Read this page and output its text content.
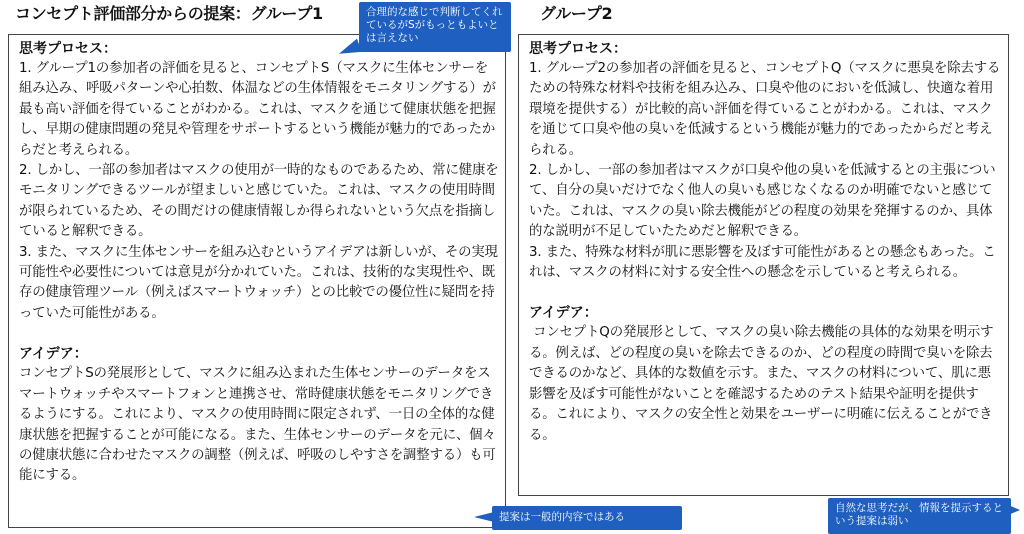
コンセプト評価部分からの提案：グループ1	グループ2
思考プロセス：
1. グループ1の参加者の評価を見ると、コンセプトS（マスクに生体センサーを組み込み、呼吸パターンや心拍数、体温などの生体情報をモニタリングする）が最も高い評価を得ていることがわかる。これは、マスクを通じて健康状態を把握し、早期の健康問題の発見や管理をサポートするという機能が魅力的であったからだと考えられる。
2. しかし、一部の参加者はマスクの使用が一時的なものであるため、常に健康をモニタリングできるツールが望ましいと感じていた。これは、マスクの使用時間が限られているため、その間だけの健康情報しか得られないという欠点を指摘していると解釈できる。
3. また、マスクに生体センサーを組み込むというアイデアは新しいが、その実現可能性や必要性については意見が分かれていた。これは、技術的な実現性や、既存の健康管理ツール（例えばスマートウォッチ）との比較での優位性に疑問を持っていた可能性がある。
アイデア：
コンセプトSの発展形として、マスクに組み込まれた生体センサーのデータをスマートウォッチやスマートフォンと連携させ、常時健康状態をモニタリングできるようにする。これにより、マスクの使用時間に限定されず、一日の全体的な健康状態を把握することが可能になる。また、生体センサーのデータを元に、個々の健康状態に合わせたマスクの調整（例えば、呼吸のしやすさを調整する）も可能にする。
思考プロセス：
1. グループ2の参加者の評価を見ると、コンセプトQ（マスクに悪臭を除去するための特殊な材料や技術を組み込み、口臭や他のにおいを低減し、快適な着用環境を提供する）が比較的高い評価を得ていることがわかる。これは、マスクを通じて口臭や他の臭いを低減するという機能が魅力的であったからだと考えられる。
2. しかし、一部の参加者はマスクが口臭や他の臭いを低減するとの主張について、自分の臭いだけでなく他人の臭いも感じなくなるのか明確でないと感じていた。これは、マスクの臭い除去機能がどの程度の効果を発揮するのか、具体的な説明が不足していたためだと解釈できる。
3. また、特殊な材料が肌に悪影響を及ぼす可能性があるとの懸念もあった。これは、マスクの材料に対する安全性への懸念を示していると考えられる。
アイデア：
コンセプトQの発展形として、マスクの臭い除去機能の具体的な効果を明示する。例えば、どの程度の臭いを除去できるのか、どの程度の時間で臭いを除去できるのかなど、具体的な数値を示す。また、マスクの材料について、肌に悪影響を及ぼす可能性がないことを確認するためのテスト結果や証明を提供する。これにより、マスクの安全性と効果をユーザーに明確に伝えることができる。
合理的な感じで判断してくれているがSがもっともよいとは言えない
提案は一般的内容ではある
自然な思考だが、情報を提示するという提案は弱い
